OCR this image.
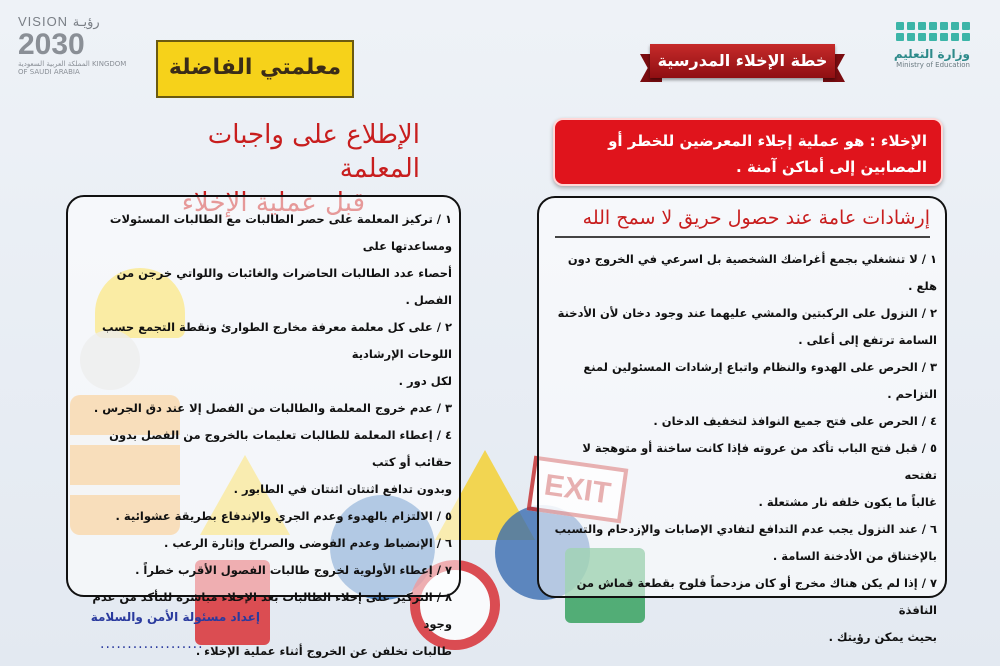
VISION رؤيـة
2030
المملكة العربية السعودية KINGDOM OF SAUDI ARABIA
وزارة التعليم
Ministry of Education
خطة الإخلاء المدرسية
معلمتي الفاضلة
الإخلاء : هو عملية إجلاء المعرضين للخطر أو المصابين إلى أماكن آمنة .
الإطلاع على واجبات المعلمة
إرشادات عامة عند حصول حريق لا سمح الله
١ / لا تنشغلي بجمع أغراضك الشخصية بل اسرعي في الخروج دون هلع .
٢ / النزول على الركبتين والمشي عليهما عند وجود دخان لأن الأدخنة
السامة ترتفع إلى أعلى .
٣ / الحرص على الهدوء والنظام واتباع إرشادات المسئولين لمنع التزاحم .
٤ / الحرص على فتح جميع النوافذ لتخفيف الدخان .
٥ / قبل فتح الباب تأكد من عروته فإذا كانت ساخنة أو متوهجة لا تفتحه
غالباً ما يكون خلفه نار مشتعلة .
٦ / عند النزول يجب عدم التدافع لتفادي الإصابات والإزدحام والتسبب
بالإختناق من الأدخنة السامة .
٧ / إذا لم يكن هناك مخرج أو كان مزدحماً فلوح بقطعة قماش من النافذة
بحيث يمكن رؤيتك .
١ / تركيز المعلمة على حصر الطالبات مع الطالبات المسئولات ومساعدتها على
أحصاء عدد الطالبات الحاضرات والغائبات واللواتي خرجن من الفصل .
٢ / على كل معلمة معرفة مخارج الطوارئ ونقطة التجمع حسب اللوحات الإرشادية
لكل دور .
٣ / عدم خروج المعلمة والطالبات من الفصل إلا عند دق الجرس .
٤ / إعطاء المعلمة للطالبات تعليمات بالخروج من الفصل بدون حقائب أو كتب
وبدون تدافع اثنتان اثنتان في الطابور .
٥ / الالتزام بالهدوء وعدم الجري والإندفاع بطريقة عشوائية .
٦ / الإنضباط وعدم الفوضى والصراخ وإثارة الرعب .
٧ / إعطاء الأولوية لخروج طالبات الفصول الأقرب خطراً .
٨ / التركيز على إخلاء الطالبات بعد الإخلاء مباشرة للتأكد من عدم وجود
طالبات تخلفن عن الخروج أثناء عملية الإخلاء .
إعداد مسئولة الأمن والسلامة
...................
